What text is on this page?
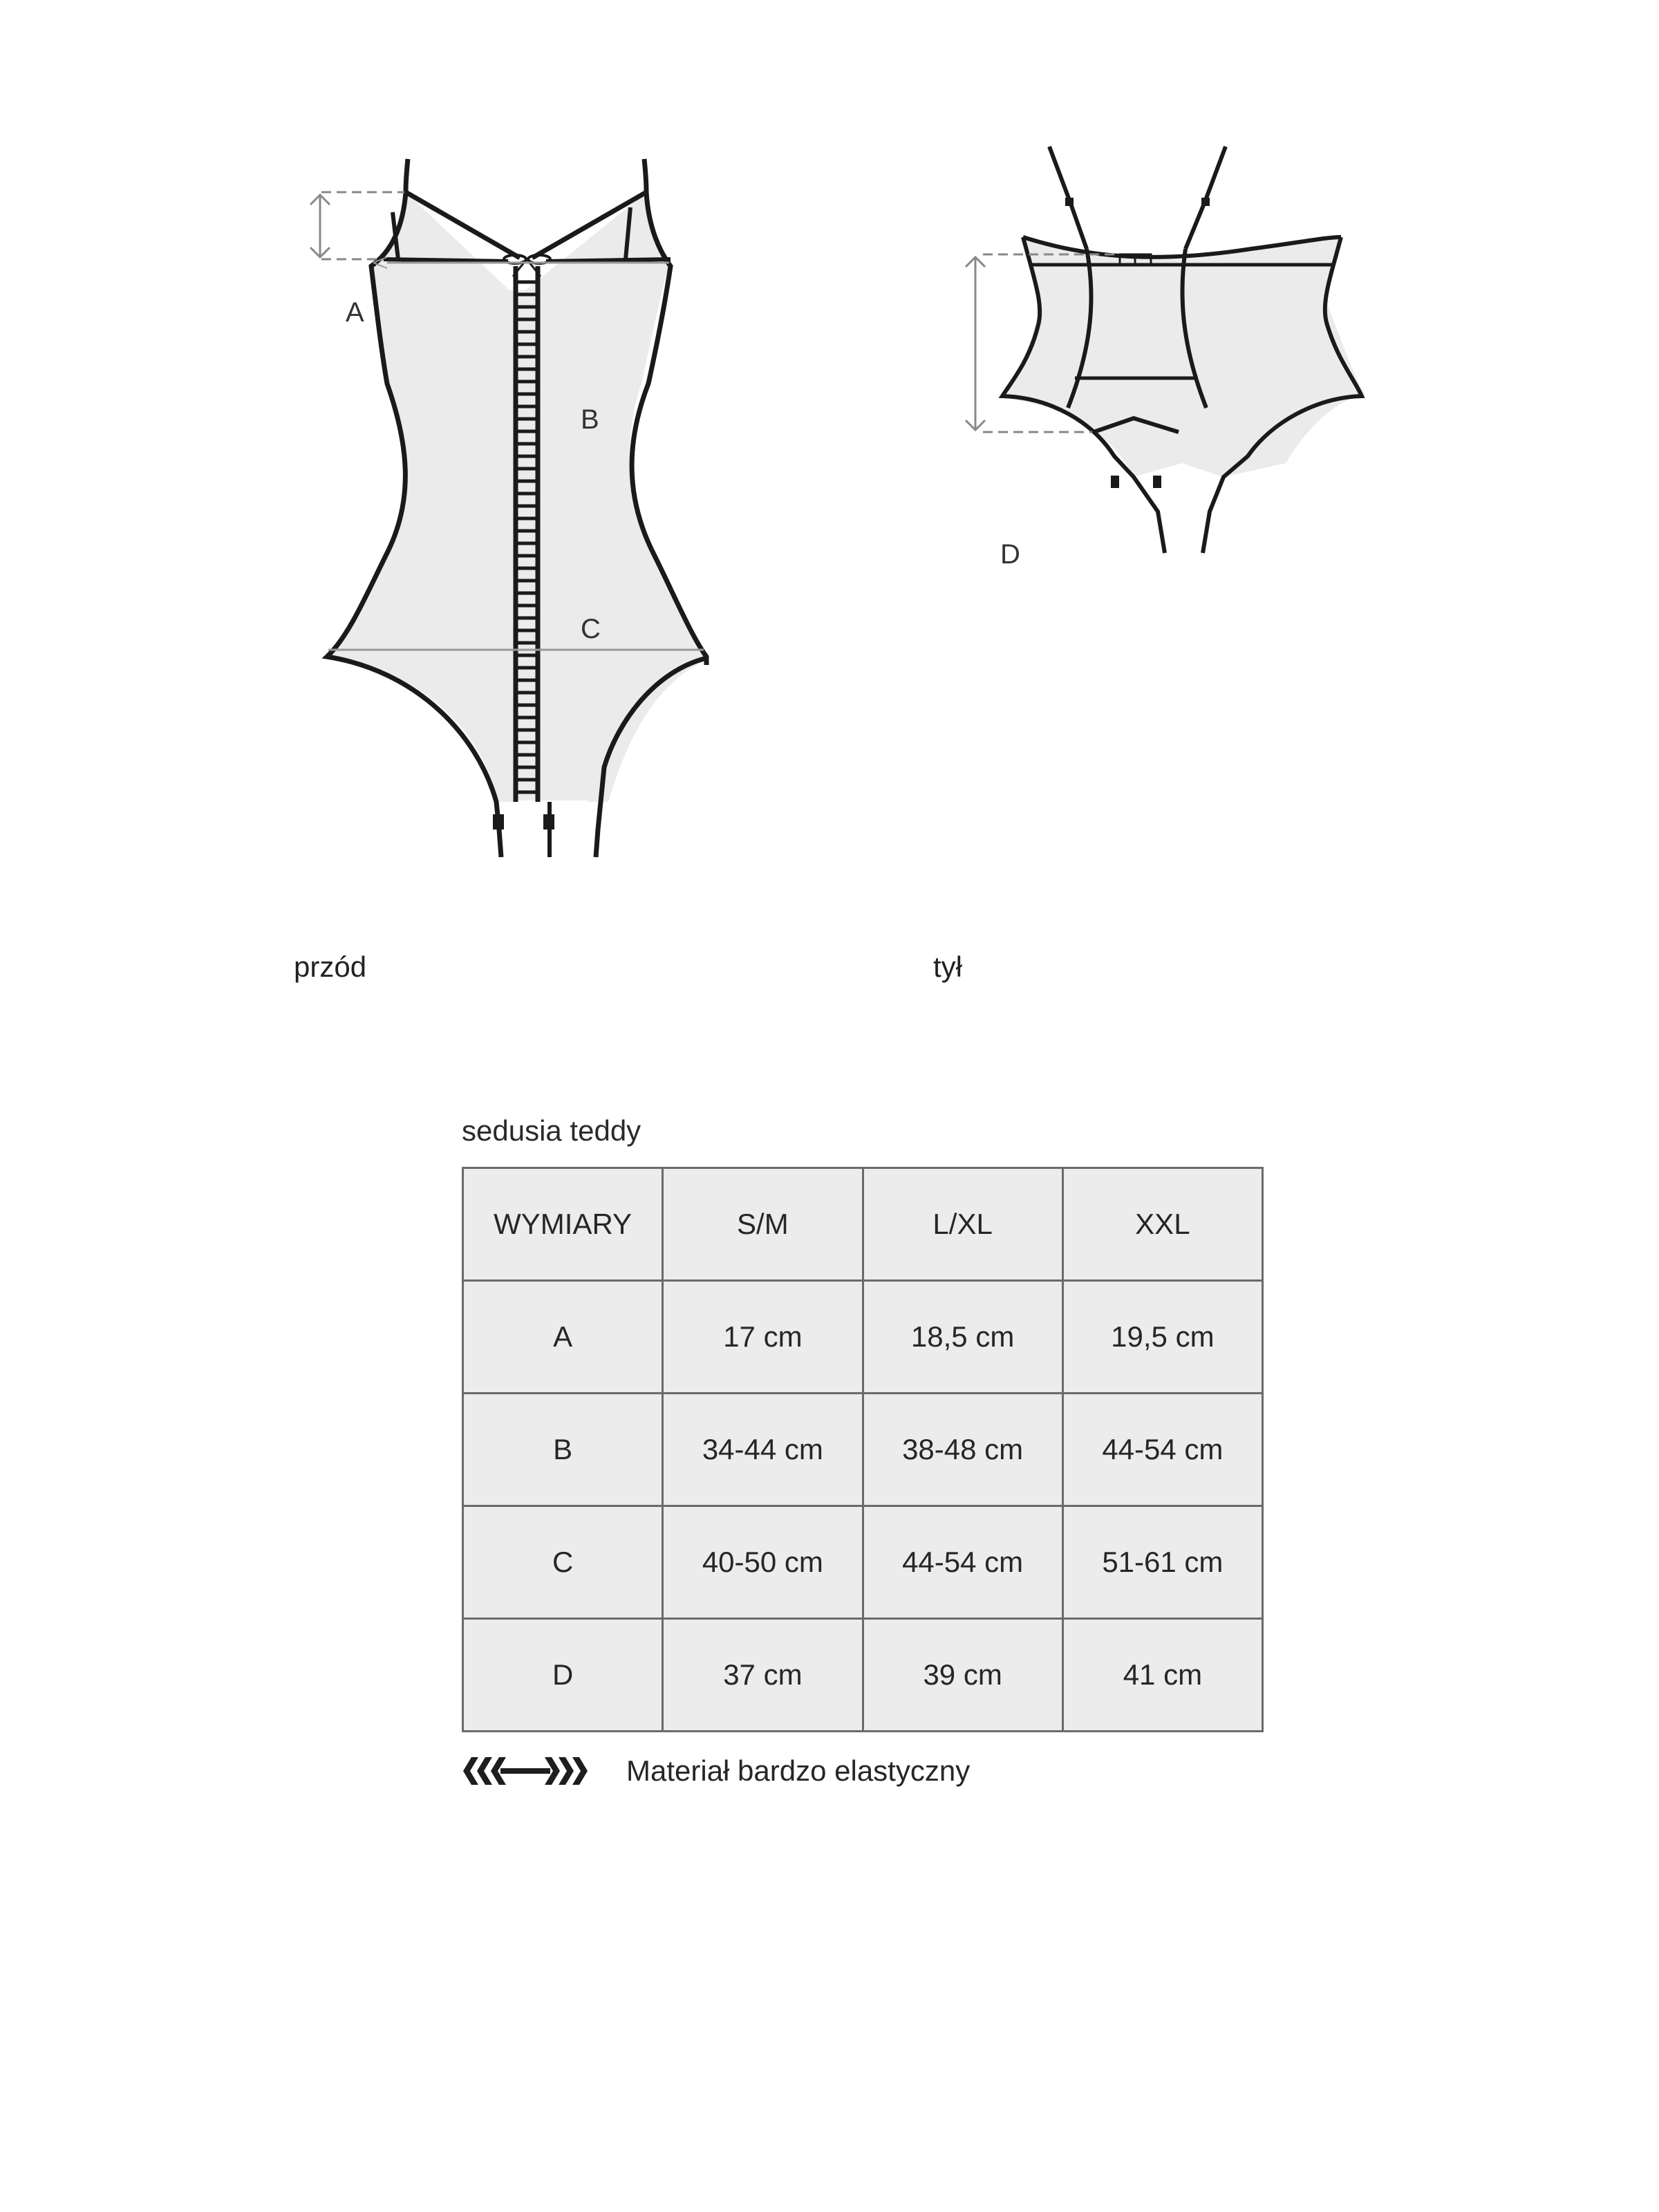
A
B
C
D
przód	tył
sedusia teddy
WYMIARY	S/M	L/XL	XXL
A	17 cm	18,5 cm	19,5 cm
B	34-44 cm	38-48 cm	44-54 cm
C	40-50 cm	44-54 cm	51-61 cm
D	37 cm	39 cm	41 cm
Materiał bardzo elastyczny
